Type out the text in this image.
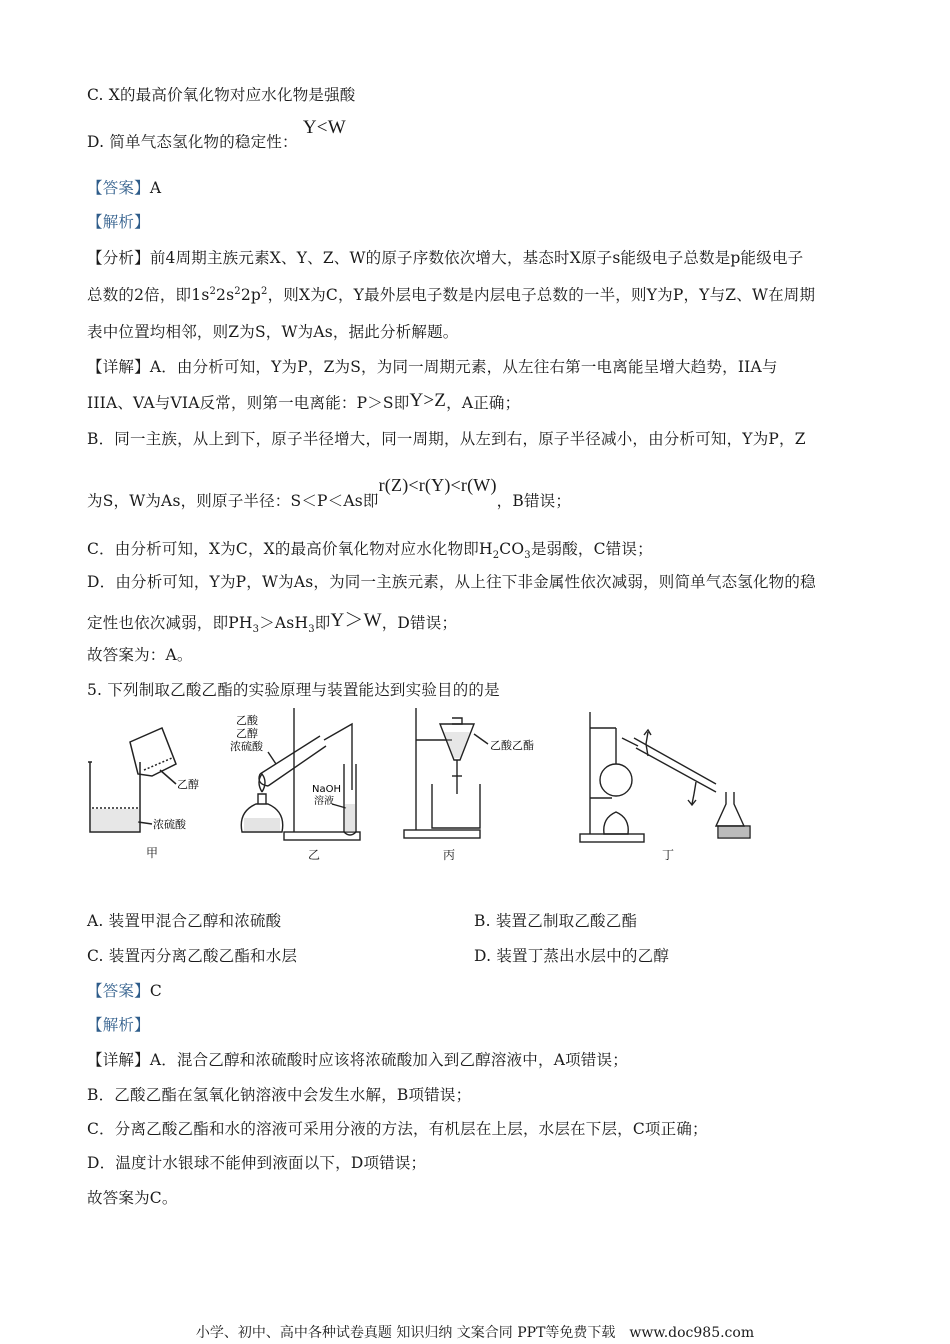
C. X的最高价氧化物对应水化物是强酸
D. 简单气态氢化物的稳定性： Y<W
【答案】A
【解析】
【分析】前4周期主族元素X、Y、Z、W的原子序数依次增大，基态时X原子s能级电子总数是p能级电子
总数的2倍，即$1s^22s^22p^2$，则X为C，Y最外层电子数是内层电子总数的一半，则Y为P，Y与Z、W在周期
表中位置均相邻，则Z为S，W为As，据此分析解题。
【详解】A．由分析可知，Y为P，Z为S，为同一周期元素，从左往右第一电离能呈增大趋势，IIA与
IIIA、VA与VIA反常，则第一电离能：P＞S即Y>Z，A正确；
B．同一主族，从上到下，原子半径增大，同一周期，从左到右，原子半径减小，由分析可知，Y为P，Z
为S，W为As，则原子半径：S＜P＜As即r(Z)<r(Y)<r(W)，B错误；
C．由分析可知，X为C，X的最高价氧化物对应水化物即$H_2CO_3$是弱酸，C错误；
D．由分析可知，Y为P，W为As，为同一主族元素，从上往下非金属性依次减弱，则简单气态氢化物的稳
定性也依次减弱，即$PH_3>AsH_3$即Y＞W，D错误；
故答案为：A。
5. 下列制取乙酸乙酯的实验原理与装置能达到实验目的的是
乙醇
浓硫酸
乙酸
乙醇
浓硫酸
NaOH
溶液
乙酸乙酯
甲	乙	丙	丁
A. 装置甲混合乙醇和浓硫酸	B. 装置乙制取乙酸乙酯
C. 装置丙分离乙酸乙酯和水层	D. 装置丁蒸出水层中的乙醇
【答案】C
【解析】
【详解】A．混合乙醇和浓硫酸时应该将浓硫酸加入到乙醇溶液中，A项错误；
B．乙酸乙酯在氢氧化钠溶液中会发生水解，B项错误；
C．分离乙酸乙酯和水的溶液可采用分液的方法，有机层在上层，水层在下层，C项正确；
D．温度计水银球不能伸到液面以下，D项错误；
故答案为C。
小学、初中、高中各种试卷真题 知识归纳 文案合同 PPT等免费下载　www.doc985.com
